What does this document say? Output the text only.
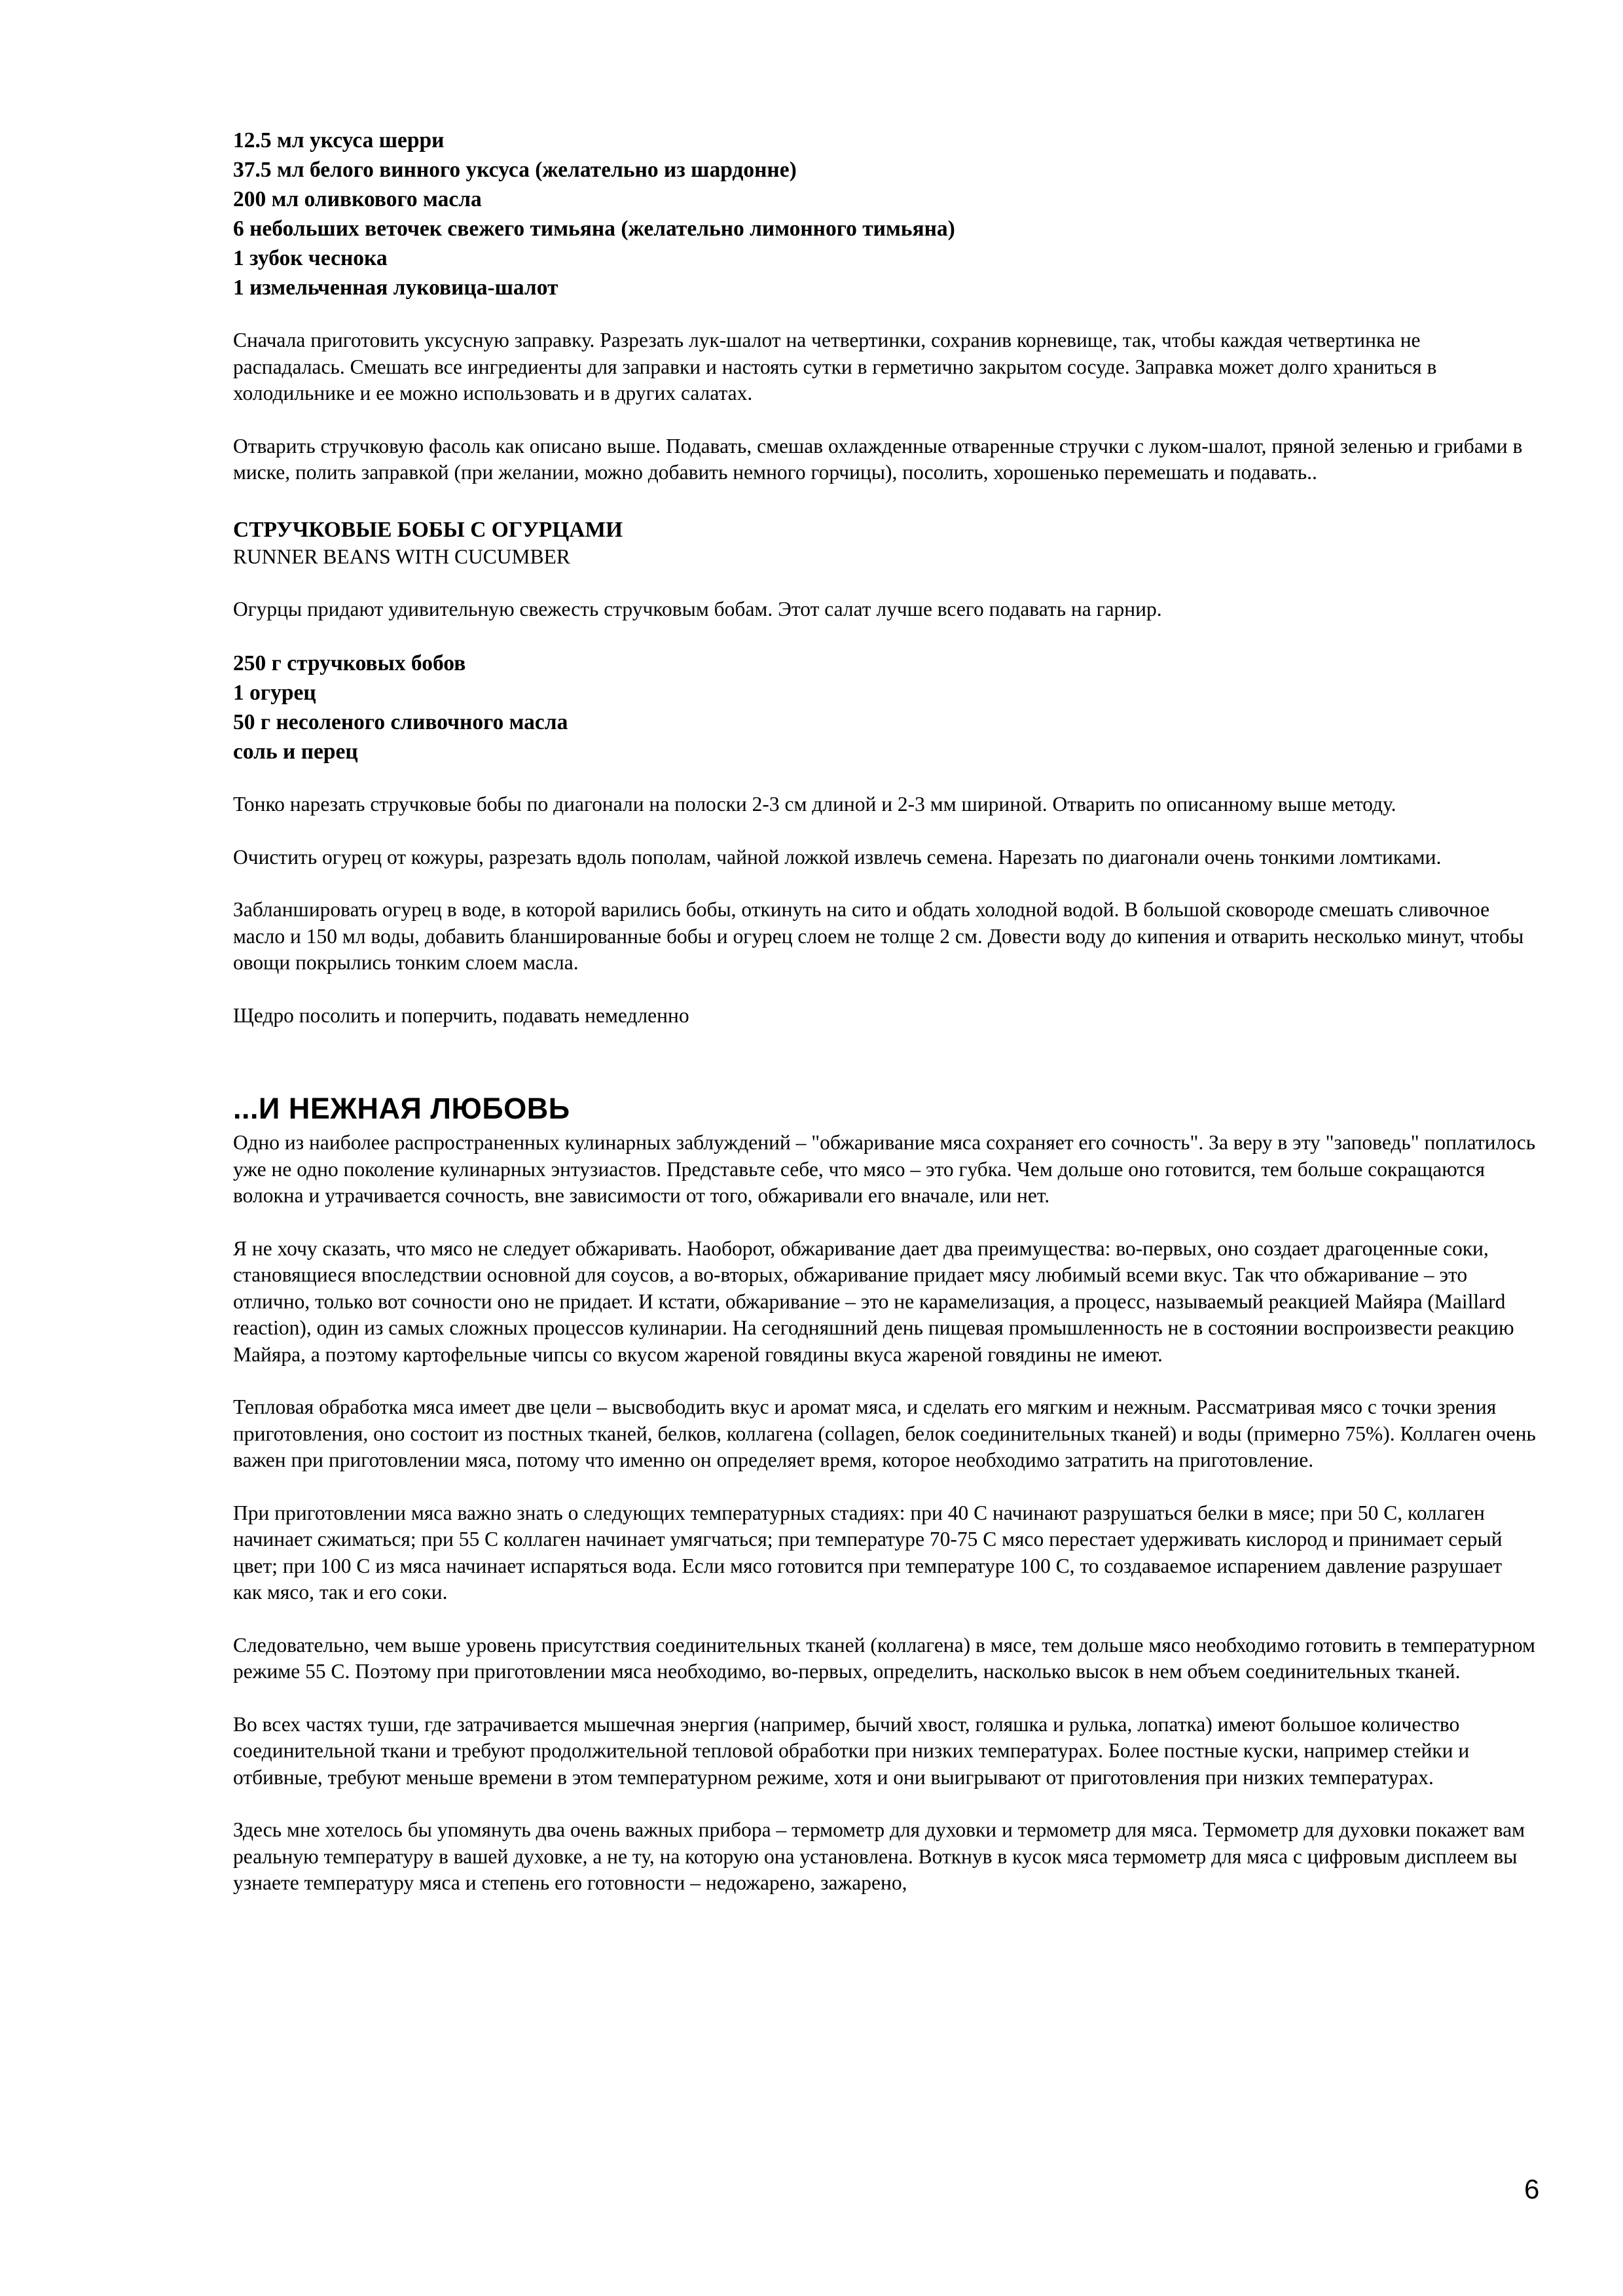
12.5 мл уксуса шерри

37.5 мл белого винного уксуса (желательно из шардонне)

200 мл оливкового масла

6 небольших веточек свежего тимьяна (желательно лимонного тимьяна)

1 зубок чеснока

1 измельченная луковица-шалот

Сначала приготовить уксусную заправку. Разрезать лук-шалот на четвертинки, сохранив корневище, так, чтобы каждая четвертинка не распадалась. Смешать все ингредиенты для заправки и настоять сутки в герметично закрытом сосуде. Заправка может долго храниться в холодильнике и ее можно использовать и в других салатах.

Отварить стручковую фасоль как описано выше. Подавать, смешав охлажденные отваренные стручки с луком-шалот, пряной зеленью и грибами в миске, полить заправкой (при желании, можно добавить немного горчицы), посолить, хорошенько перемешать и подавать..

СТРУЧКОВЫЕ БОБЫ С ОГУРЦАМИ

RUNNER BEANS WITH CUCUMBER

Огурцы придают удивительную свежесть стручковым бобам. Этот салат лучше всего подавать на гарнир.

250 г стручковых бобов

1 огурец

50 г несоленого сливочного масла

соль и перец

Тонко нарезать стручковые бобы по диагонали на полоски 2-3 см длиной и 2-3 мм шириной. Отварить по описанному выше методу.

Очистить огурец от кожуры, разрезать вдоль пополам, чайной ложкой извлечь семена. Нарезать по диагонали очень тонкими ломтиками.

Забланшировать огурец в воде, в которой варились бобы, откинуть на сито и обдать холодной водой. В большой сковороде смешать сливочное масло и 150 мл воды, добавить бланшированные бобы и огурец слоем не толще 2 см. Довести воду до кипения и отварить несколько минут, чтобы овощи покрылись тонким слоем масла.

Щедро посолить и поперчить, подавать немедленно

...И НЕЖНАЯ ЛЮБОВЬ

Одно из наиболее распространенных кулинарных заблуждений – "обжаривание мяса сохраняет его сочность". За веру в эту "заповедь" поплатилось уже не одно поколение кулинарных энтузиастов. Представьте себе, что мясо – это губка. Чем дольше оно готовится, тем больше сокращаются волокна и утрачивается сочность, вне зависимости от того, обжаривали его вначале, или нет.

Я не хочу сказать, что мясо не следует обжаривать. Наоборот, обжаривание дает два преимущества: во-первых, оно создает драгоценные соки, становящиеся впоследствии основной для соусов, а во-вторых, обжаривание придает мясу любимый всеми вкус. Так что обжаривание – это отлично, только вот сочности оно не придает. И кстати, обжаривание – это не карамелизация, а процесс, называемый реакцией Майяра (Maillard reaction), один из самых сложных процессов кулинарии. На сегодняшний день пищевая промышленность не в состоянии воспроизвести реакцию Майяра, а поэтому картофельные чипсы со вкусом жареной говядины вкуса жареной говядины не имеют.

Тепловая обработка мяса имеет две цели – высвободить вкус и аромат мяса, и сделать его мягким и нежным. Рассматривая мясо с точки зрения приготовления, оно состоит из постных тканей, белков, коллагена (collagen, белок соединительных тканей) и воды (примерно 75%). Коллаген очень важен при приготовлении мяса, потому что именно он определяет время, которое необходимо затратить на приготовление.

При приготовлении мяса важно знать о следующих температурных стадиях: при 40 С начинают разрушаться белки в мясе; при 50 С, коллаген начинает сжиматься; при 55 С коллаген начинает умягчаться; при температуре 70-75 С мясо перестает удерживать кислород и принимает серый цвет; при 100 С из мяса начинает испаряться вода. Если мясо готовится при температуре 100 С, то создаваемое испарением давление разрушает как мясо, так и его соки.

Следовательно, чем выше уровень присутствия соединительных тканей (коллагена) в мясе, тем дольше мясо необходимо готовить в температурном режиме 55 С. Поэтому при приготовлении мяса необходимо, во-первых, определить, насколько высок в нем объем соединительных тканей.

Во всех частях туши, где затрачивается мышечная энергия (например, бычий хвост, голяшка и рулька, лопатка) имеют большое количество соединительной ткани и требуют продолжительной тепловой обработки при низких температурах. Более постные куски, например стейки и отбивные, требуют меньше времени в этом температурном режиме, хотя и они выигрывают от приготовления при низких температурах.

Здесь мне хотелось бы упомянуть два очень важных прибора – термометр для духовки и термометр для мяса. Термометр для духовки покажет вам реальную температуру в вашей духовке, а не ту, на которую она установлена. Воткнув в кусок мяса термометр для мяса с цифровым дисплеем вы узнаете температуру мяса и степень его готовности – недожарено, зажарено,

6
